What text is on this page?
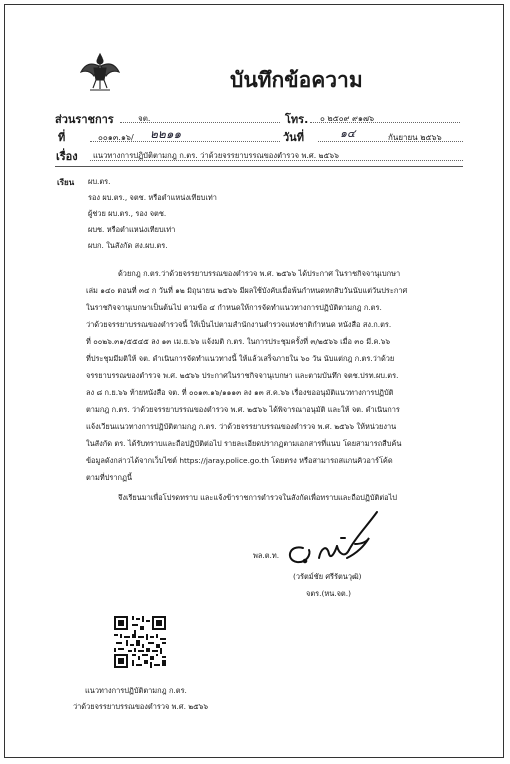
บันทึกข้อความ
ส่วนราชการ	จต.	โทร. ๐ ๒๕๐๙ ๙๑๗๖
ที่	๐๐๑๓.๑๖/ ๒๒๑๑	วันที่	๑๔	กันยายน ๒๕๖๖
เรื่อง แนวทางการปฏิบัติตามกฎ ก.ตร. ว่าด้วยจรรยาบรรณของตำรวจ พ.ศ. ๒๕๖๖
เรียน ผบ.ตร.
รอง ผบ.ตร., จตช. หรือตำแหน่งเทียบเท่า
ผู้ช่วย ผบ.ตร., รอง จตช.
ผบช. หรือตำแหน่งเทียบเท่า
ผบก. ในสังกัด สง.ผบ.ตร.
ด้วยกฎ ก.ตร.ว่าด้วยจรรยาบรรณของตำรวจ พ.ศ. ๒๕๖๖ ได้ประกาศ ในราชกิจจานุเบกษา
เล่ม ๑๔๐ ตอนที่ ๓๔ ก วันที่ ๑๒ มิถุนายน ๒๕๖๖ มีผลใช้บังคับเมื่อพ้นกำหนดหกสิบวันนับแต่วันประกาศ
ในราชกิจจานุเบกษาเป็นต้นไป ตามข้อ ๔ กำหนดให้การจัดทำแนวทางการปฏิบัติตามกฎ ก.ตร.
ว่าด้วยจรรยาบรรณของตำรวจนี้ ให้เป็นไปตามสำนักงานตำรวจแห่งชาติกำหนด หนังสือ สง.ก.ตร.
ที่ ๐๐๒๖.๓๑/๕๕๔๕ ลง ๑๓ เม.ย.๖๖ แจ้งมติ ก.ตร. ในการประชุมครั้งที่ ๓/๒๕๖๖ เมื่อ ๓๐ มี.ค.๖๖
ที่ประชุมมีมติให้ จต. ดำเนินการจัดทำแนวทางนี้ ให้แล้วเสร็จภายใน ๖๐ วัน นับแต่กฎ ก.ตร.ว่าด้วย
จรรยาบรรณของตำรวจ พ.ศ. ๒๕๖๖ ประกาศในราชกิจจานุเบกษา และตามบันทึก จตช.ปรท.ผบ.ตร.
ลง ๘ ก.ย.๖๖ ท้ายหนังสือ จต. ที่ ๐๐๑๓.๑๖/๑๑๑๓ ลง ๑๓ ส.ค.๖๖ เรื่องขออนุมัติแนวทางการปฏิบัติ
ตามกฎ ก.ตร. ว่าด้วยจรรยาบรรณของตำรวจ พ.ศ. ๒๕๖๖ ได้พิจารณาอนุมัติ และให้ จต. ดำเนินการ
แจ้งเวียนแนวทางการปฏิบัติตามกฎ ก.ตร. ว่าด้วยจรรยาบรรณของตำรวจ พ.ศ. ๒๕๖๖ ให้หน่วยงาน
ในสังกัด ตร. ได้รับทราบและถือปฏิบัติต่อไป รายละเอียดปรากฏตามเอกสารที่แนบ โดยสามารถสืบค้น
ข้อมูลดังกล่าวได้จากเว็บไซต์ https://jaray.police.go.th โดยตรง หรือสามารถสแกนคิวอาร์โค้ด
ตามที่ปรากฏนี้
จึงเรียนมาเพื่อโปรดทราบ และแจ้งข้าราชการตำรวจในสังกัดเพื่อทราบและถือปฏิบัติต่อไป
พล.ต.ท.
(วรัตม์ชัย ศรีรัตนวุฒิ)
จตร.(หน.จต.)
แนวทางการปฏิบัติตามกฎ ก.ตร.
ว่าด้วยจรรยาบรรณของตำรวจ พ.ศ. ๒๕๖๖
